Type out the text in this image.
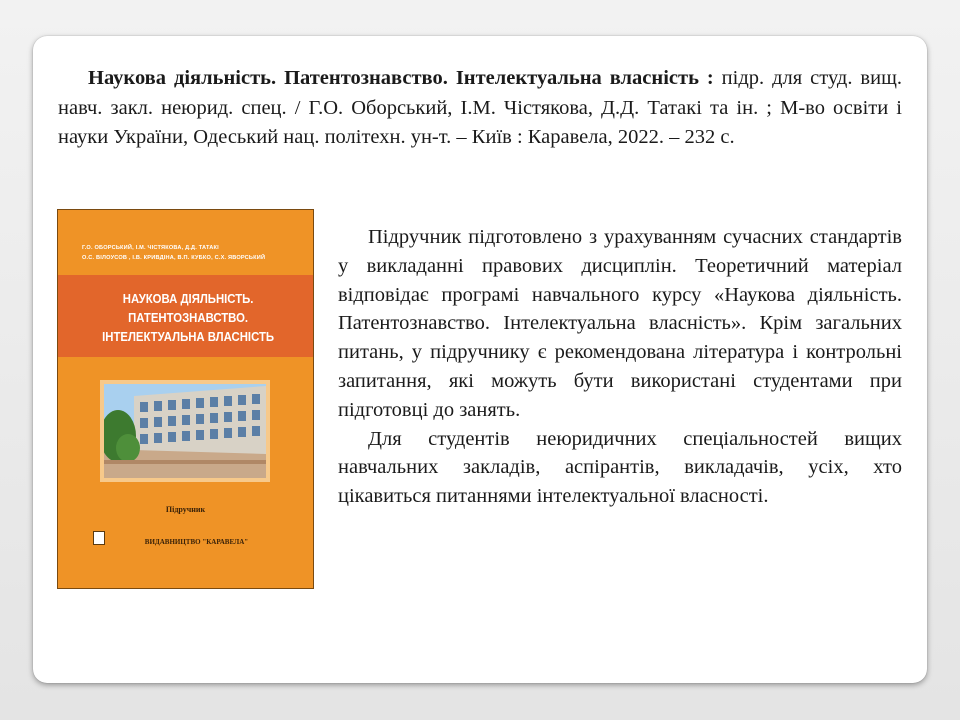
Наукова діяльність. Патентознавство. Інтелектуальна власність : підр. для студ. вищ. навч. закл. неюрид. спец. / Г.О. Оборський, І.М. Чістякова, Д.Д. Татакі та ін. ; М-во освіти і науки України, Одеський нац. політехн. ун-т. – Київ : Каравела, 2022. – 232 с.
Г.О. ОБОРСЬКИЙ, І.М. ЧІСТЯКОВА, Д.Д. ТАТАКІ
О.С. ВІЛОУСОВ , І.В. КРИВДІНА, В.П. КУБКО, С.Х. ЯВОРСЬКИЙ
НАУКОВА ДІЯЛЬНІСТЬ.
ПАТЕНТОЗНАВСТВО.
ІНТЕЛЕКТУАЛЬНА ВЛАСНІСТЬ
Підручник
ВИДАВНИЦТВО "КАРАВЕЛА"

Підручник підготовлено з урахуванням сучасних стандартів у викладанні правових дисциплін. Теоретичний матеріал відповідає програмі навчального курсу «Наукова діяльність. Патентознавство. Інтелектуальна власність». Крім загальних питань, у підручнику є рекомендована література і контрольні запитання, які можуть бути використані студентами при підготовці до занять.

Для студентів неюридичних спеціальностей вищих навчальних закладів, аспірантів, викладачів, усіх, хто цікавиться питаннями інтелектуальної власності.
